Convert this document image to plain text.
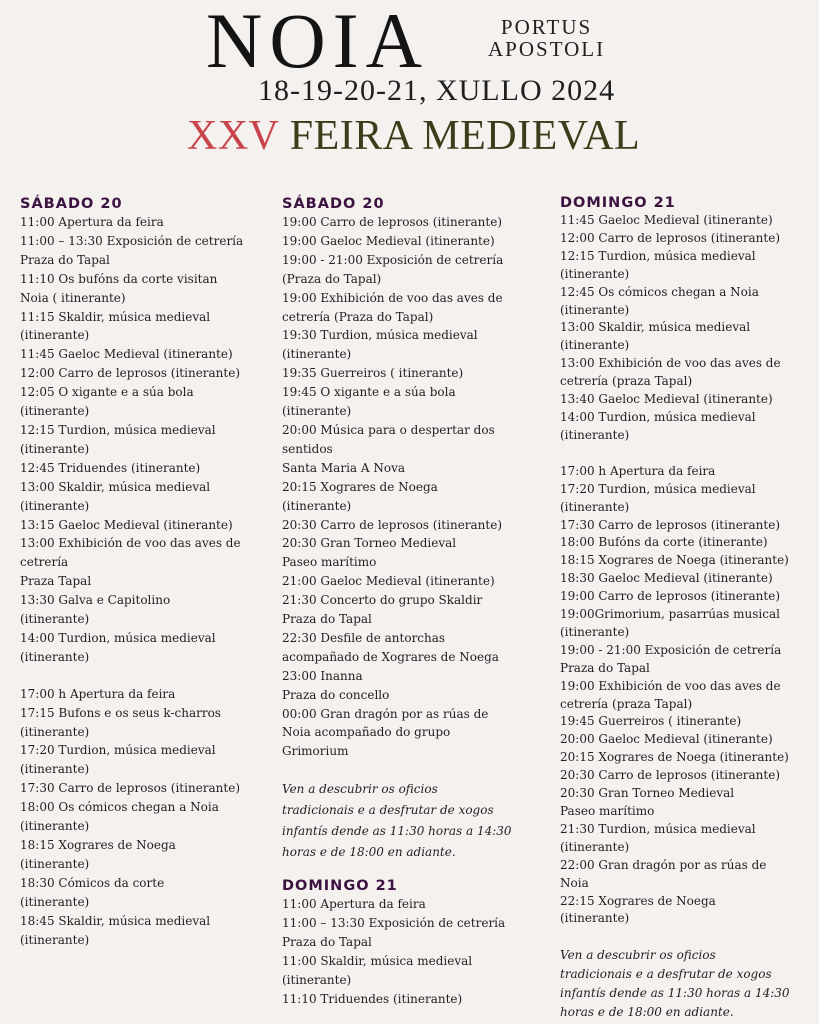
NOIA	PORTUS
APOSTOLI
18-19-20-21, XULLO 2024
XXV FEIRA MEDIEVAL
SÁBADO 20
11:00 Apertura da feira
11:00 – 13:30 Exposición de cetrería
Praza do Tapal
11:10 Os bufóns da corte visitan
Noia ( itinerante)
11:15 Skaldir, música medieval
(itinerante)
11:45 Gaeloc Medieval (itinerante)
12:00 Carro de leprosos (itinerante)
12:05 O xigante e a súa bola
(itinerante)
12:15 Turdion, música medieval
(itinerante)
12:45 Triduendes (itinerante)
13:00 Skaldir, música medieval
(itinerante)
13:15 Gaeloc Medieval (itinerante)
13:00 Exhibición de voo das aves de
cetrería
Praza Tapal
13:30 Galva e Capitolino
(itinerante)
14:00 Turdion, música medieval
(itinerante)
17:00 h Apertura da feira
17:15 Bufons e os seus k-charros
(itinerante)
17:20 Turdion, música medieval
(itinerante)
17:30 Carro de leprosos (itinerante)
18:00 Os cómicos chegan a Noia
(itinerante)
18:15 Xograres de Noega
(itinerante)
18:30 Cómicos da corte
(itinerante)
18:45 Skaldir, música medieval
(itinerante)
SÁBADO 20
19:00 Carro de leprosos (itinerante)
19:00 Gaeloc Medieval (itinerante)
19:00 - 21:00 Exposición de cetrería
(Praza do Tapal)
19:00 Exhibición de voo das aves de
cetrería (Praza do Tapal)
19:30 Turdion, música medieval
(itinerante)
19:35 Guerreiros ( itinerante)
19:45 O xigante e a súa bola
(itinerante)
20:00 Música para o despertar dos
sentidos
Santa Maria A Nova
20:15 Xograres de Noega
(itinerante)
20:30 Carro de leprosos (itinerante)
20:30 Gran Torneo Medieval
Paseo marítimo
21:00 Gaeloc Medieval (itinerante)
21:30 Concerto do grupo Skaldir
Praza do Tapal
22:30 Desfile de antorchas
acompañado de Xograres de Noega
23:00 Inanna
Praza do concello
00:00 Gran dragón por as rúas de
Noia acompañado do grupo
Grimorium
Ven a descubrir os oficios
tradicionais e a desfrutar de xogos
infantís dende as 11:30 horas a 14:30
horas e de 18:00 en adiante.
DOMINGO 21
11:00 Apertura da feira
11:00 – 13:30 Exposición de cetrería
Praza do Tapal
11:00 Skaldir, música medieval
(itinerante)
11:10 Triduendes (itinerante)
DOMINGO 21
11:45 Gaeloc Medieval (itinerante)
12:00 Carro de leprosos (itinerante)
12:15 Turdion, música medieval
(itinerante)
12:45 Os cómicos chegan a Noia
(itinerante)
13:00 Skaldir, música medieval
(itinerante)
13:00 Exhibición de voo das aves de
cetrería (praza Tapal)
13:40 Gaeloc Medieval (itinerante)
14:00 Turdion, música medieval
(itinerante)
17:00 h Apertura da feira
17:20 Turdion, música medieval
(itinerante)
17:30 Carro de leprosos (itinerante)
18:00 Bufóns da corte (itinerante)
18:15 Xograres de Noega (itinerante)
18:30 Gaeloc Medieval (itinerante)
19:00 Carro de leprosos (itinerante)
19:00Grimorium, pasarrúas musical
(itinerante)
19:00 - 21:00 Exposición de cetrería
Praza do Tapal
19:00 Exhibición de voo das aves de
cetrería (praza Tapal)
19:45 Guerreiros ( itinerante)
20:00 Gaeloc Medieval (itinerante)
20:15 Xograres de Noega (itinerante)
20:30 Carro de leprosos (itinerante)
20:30 Gran Torneo Medieval
Paseo marítimo
21:30 Turdion, música medieval
(itinerante)
22:00 Gran dragón por as rúas de
Noia
22:15 Xograres de Noega
(itinerante)
Ven a descubrir os oficios
tradicionais e a desfrutar de xogos
infantís dende as 11:30 horas a 14:30
horas e de 18:00 en adiante.
